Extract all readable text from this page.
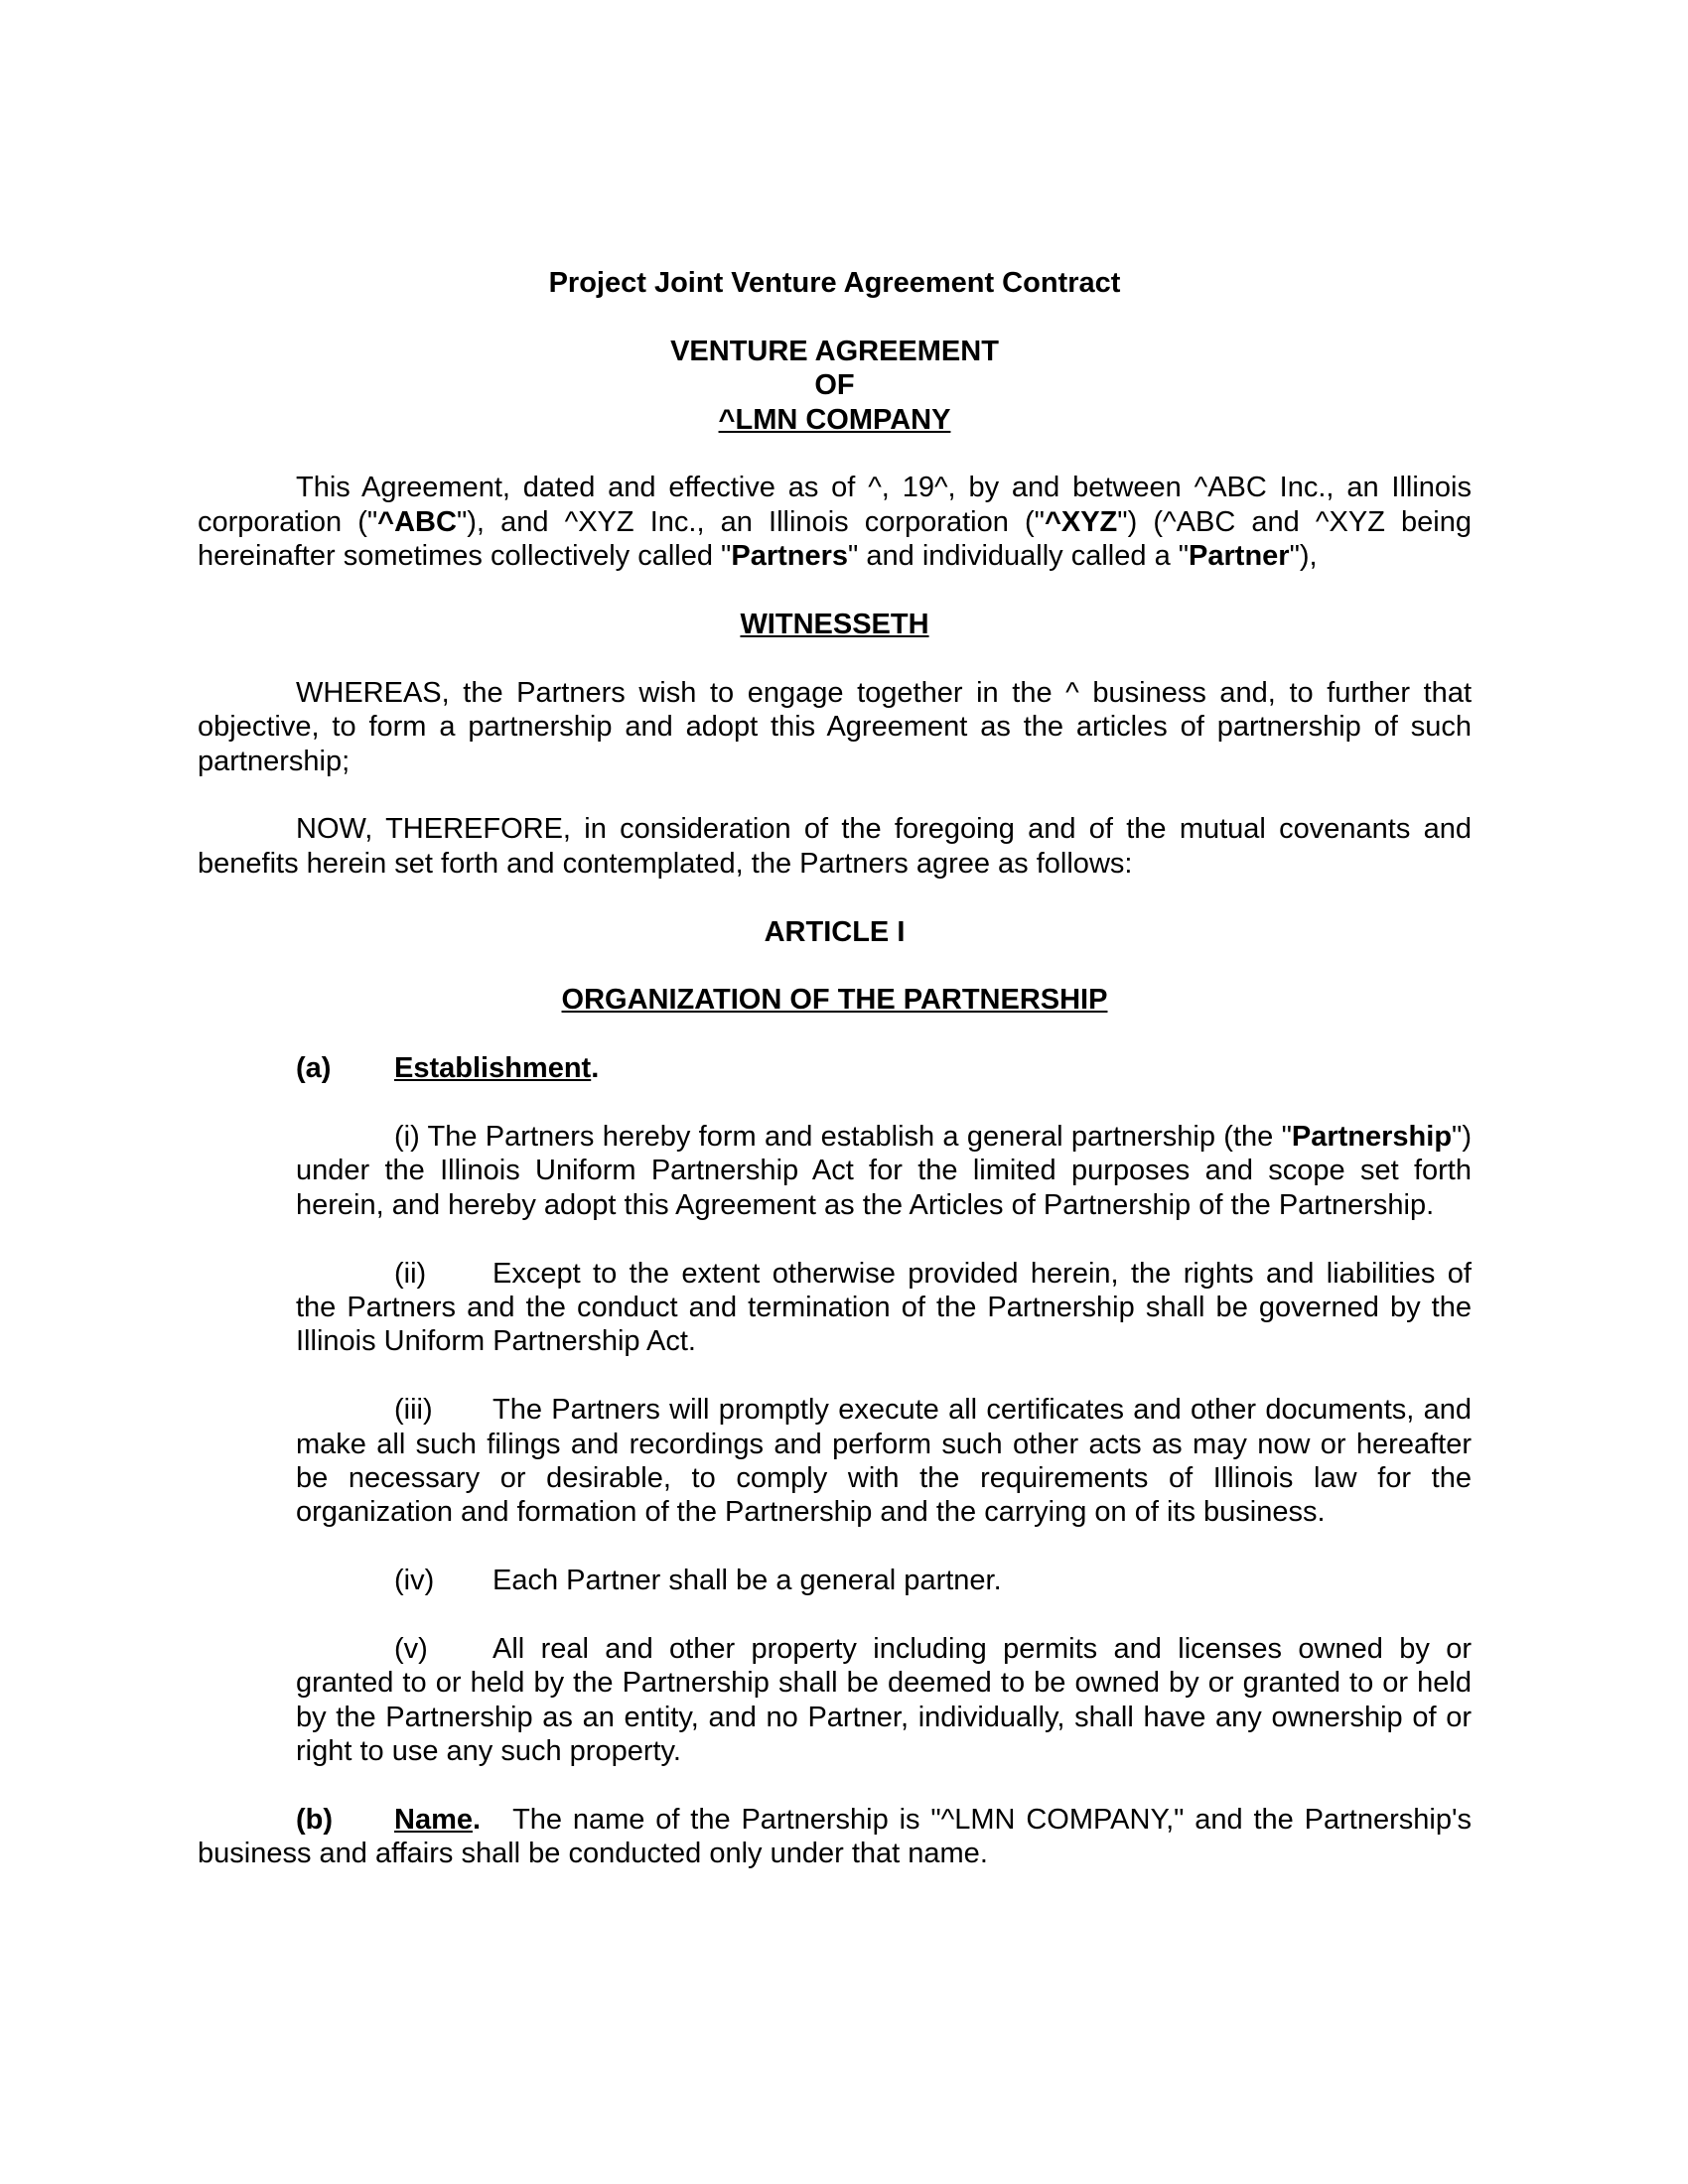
Project Joint Venture Agreement Contract

VENTURE AGREEMENT
OF
^LMN COMPANY

This Agreement, dated and effective as of ^, 19^, by and between ^ABC Inc., an Illinois corporation ("^ABC"), and ^XYZ Inc., an Illinois corporation ("^XYZ") (^ABC and ^XYZ being hereinafter sometimes collectively called "Partners" and individually called a "Partner"),

WITNESSETH

WHEREAS, the Partners wish to engage together in the ^ business and, to further that objective, to form a partnership and adopt this Agreement as the articles of partnership of such partnership;

NOW, THEREFORE, in consideration of the foregoing and of the mutual covenants and benefits herein set forth and contemplated, the Partners agree as follows:

ARTICLE I

ORGANIZATION OF THE PARTNERSHIP

(a) Establishment.

(i) The Partners hereby form and establish a general partnership (the "Partnership") under the Illinois Uniform Partnership Act for the limited purposes and scope set forth herein, and hereby adopt this Agreement as the Articles of Partnership of the Partnership.

(ii) Except to the extent otherwise provided herein, the rights and liabilities of the Partners and the conduct and termination of the Partnership shall be governed by the Illinois Uniform Partnership Act.

(iii) The Partners will promptly execute all certificates and other documents, and make all such filings and recordings and perform such other acts as may now or hereafter be necessary or desirable, to comply with the requirements of Illinois law for the organization and formation of the Partnership and the carrying on of its business.

(iv) Each Partner shall be a general partner.

(v) All real and other property including permits and licenses owned by or granted to or held by the Partnership shall be deemed to be owned by or granted to or held by the Partnership as an entity, and no Partner, individually, shall have any ownership of or right to use any such property.

(b) Name. The name of the Partnership is "^LMN COMPANY," and the Partnership's business and affairs shall be conducted only under that name.
